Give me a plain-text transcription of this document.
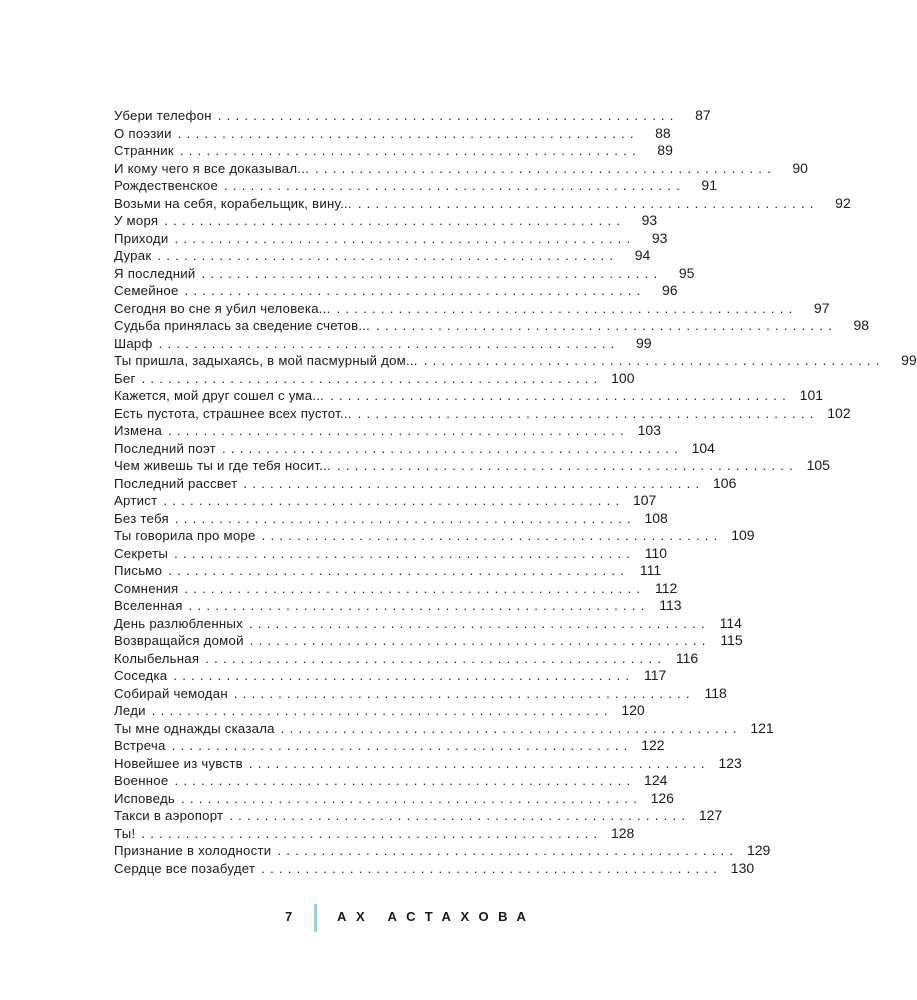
Убери телефон ....................................................	87
О поэзии ....................................................	88
Странник ....................................................	89
И кому чего я все доказывал... ....................................................	90
Рождественское ....................................................	91
Возьми на себя, корабельщик, вину... ....................................................	92
У моря ....................................................	93
Приходи ....................................................	93
Дурак ....................................................	94
Я последний ....................................................	95
Семейное ....................................................	96
Сегодня во сне я убил человека... ....................................................	97
Судьба принялась за сведение счетов... ....................................................	98
Шарф ....................................................	99
Ты пришла, задыхаясь, в мой пасмурный дом... ....................................................	99
Бег .................................................... 100
Кажется, мой друг сошел с ума... .................................................... 101
Есть пустота, страшнее всех пустот... .................................................... 102
Измена .................................................... 103
Последний поэт .................................................... 104
Чем живешь ты и где тебя носит... .................................................... 105
Последний рассвет .................................................... 106
Артист .................................................... 107
Без тебя .................................................... 108
Ты говорила про море .................................................... 109
Секреты .................................................... 110
Письмо .................................................... 111
Сомнения .................................................... 112
Вселенная .................................................... 113
День разлюбленных .................................................... 114
Возвращайся домой .................................................... 115
Колыбельная .................................................... 116
Соседка .................................................... 117
Собирай чемодан .................................................... 118
Леди .................................................... 120
Ты мне однажды сказала .................................................... 121
Встреча .................................................... 122
Новейшее из чувств .................................................... 123
Военное .................................................... 124
Исповедь .................................................... 126
Такси в аэропорт .................................................... 127
Ты! .................................................... 128
Признание в холодности .................................................... 129
Сердце все позабудет .................................................... 130
7	АХ АСТАХОВА
